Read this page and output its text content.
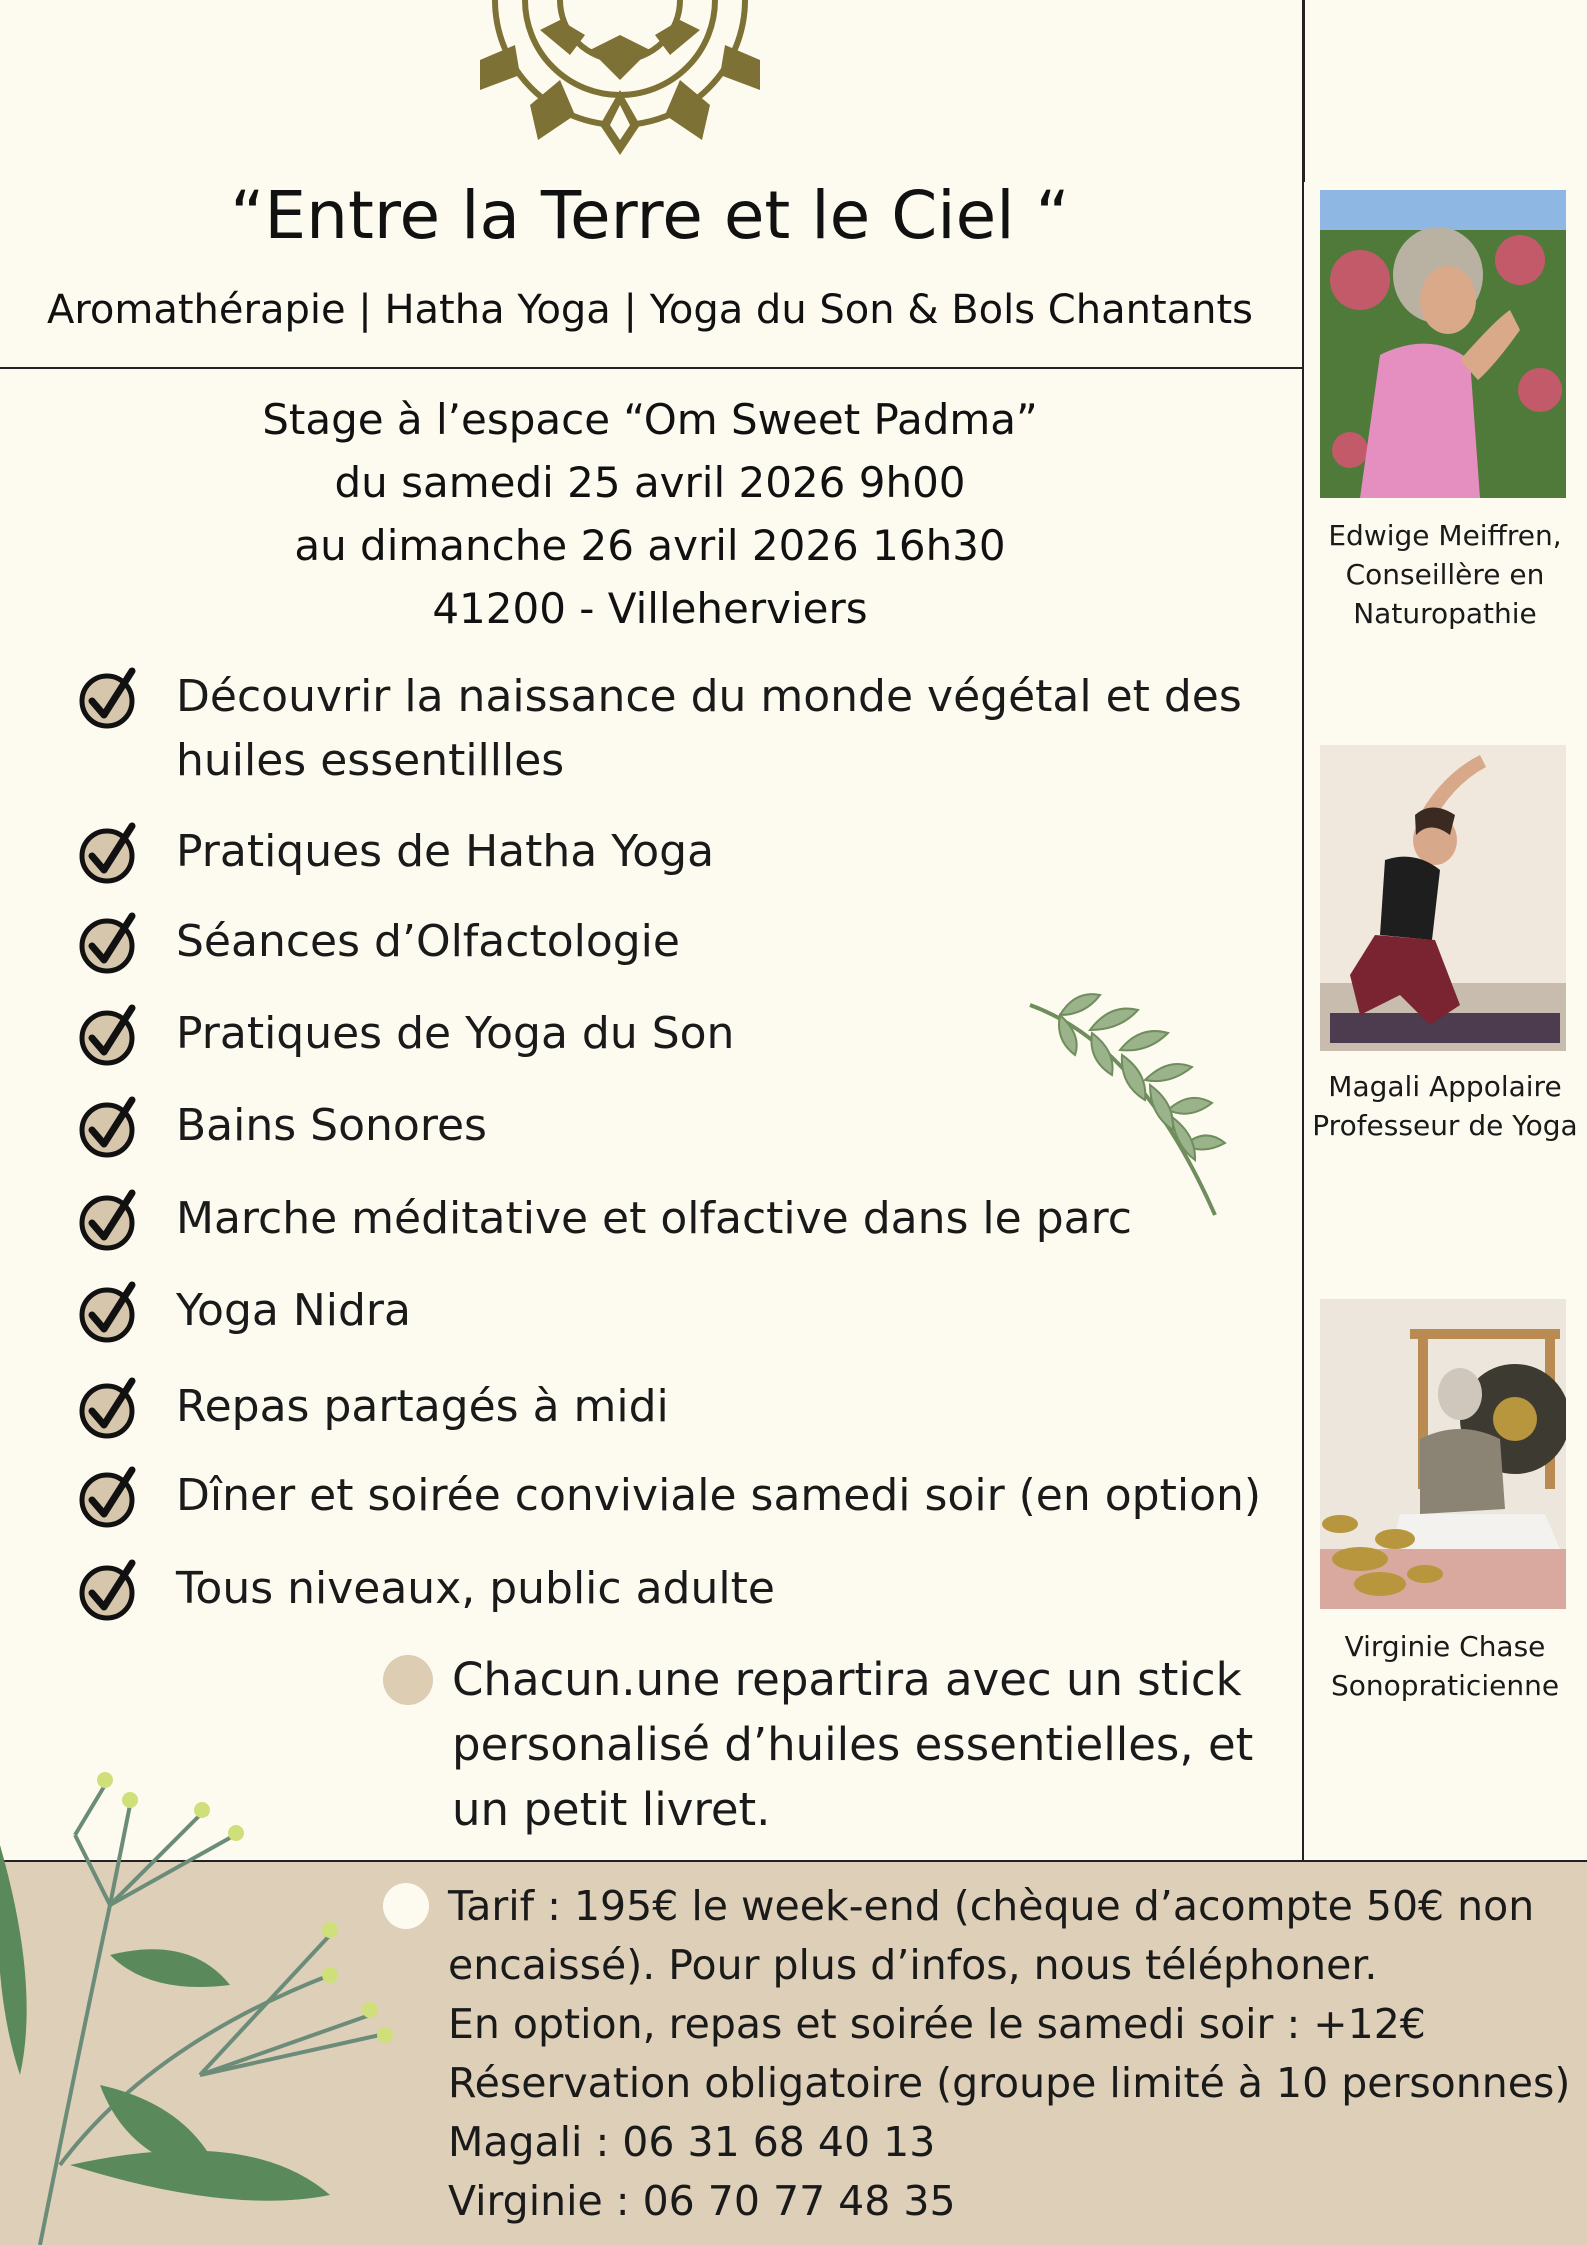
“Entre la Terre et le Ciel “
Aromathérapie | Hatha Yoga | Yoga du Son & Bols Chantants
Stage à l’espace “Om Sweet Padma”
du samedi 25 avril 2026 9h00
au dimanche 26 avril 2026 16h30
41200 - Villeherviers
Découvrir la naissance du monde végétal et des huiles essentillles
Pratiques de Hatha Yoga
Séances d’Olfactologie
Pratiques de Yoga du Son
Bains Sonores
Marche méditative et olfactive dans le parc
Yoga Nidra
Repas partagés à midi
Dîner et soirée conviviale samedi soir (en option)
Tous niveaux, public adulte
Chacun.une repartira avec un stick personalisé d’huiles essentielles, et un petit livret.
Tarif : 195€ le week-end (chèque d’acompte 50€ non encaissé). Pour plus d’infos, nous téléphoner.
En option, repas et soirée le samedi soir : +12€
Réservation obligatoire (groupe limité à 10 personnes)
Magali : 06 31 68 40 13
Virginie : 06 70 77 48 35
Edwige Meiffren,
Conseillère en
Naturopathie
Magali Appolaire
Professeur de Yoga
Virginie Chase
Sonopraticienne
